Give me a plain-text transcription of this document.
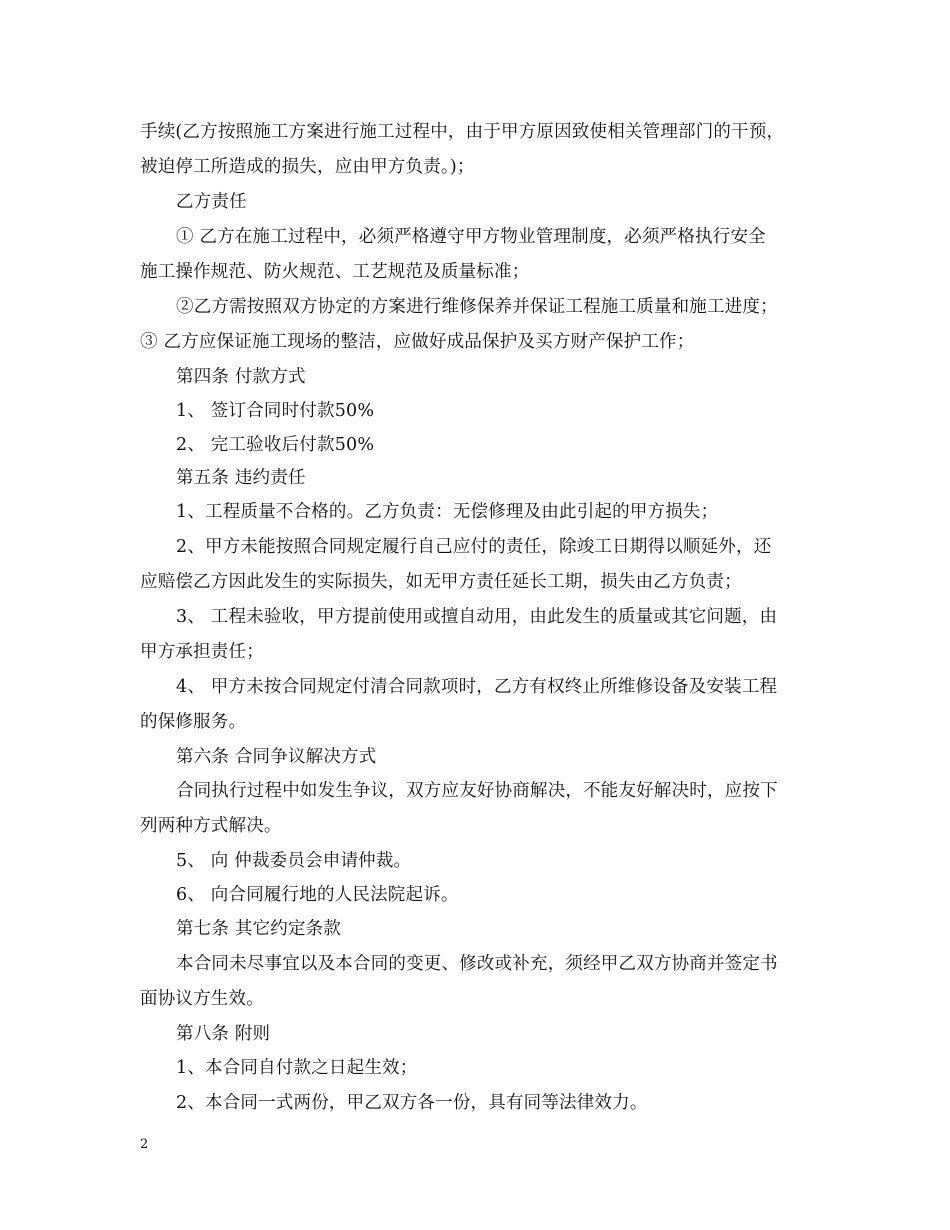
手续(乙方按照施工方案进行施工过程中，由于甲方原因致使相关管理部门的干预，
被迫停工所造成的损失，应由甲方负责。)；
乙方责任
① 乙方在施工过程中，必须严格遵守甲方物业管理制度，必须严格执行安全
施工操作规范、防火规范、工艺规范及质量标准；
②乙方需按照双方协定的方案进行维修保养并保证工程施工质量和施工进度；
③ 乙方应保证施工现场的整洁，应做好成品保护及买方财产保护工作；
第四条 付款方式
1、 签订合同时付款50%
2、 完工验收后付款50%
第五条 违约责任
1、工程质量不合格的。乙方负责：无偿修理及由此引起的甲方损失；
2、甲方未能按照合同规定履行自己应付的责任，除竣工日期得以顺延外，还
应赔偿乙方因此发生的实际损失，如无甲方责任延长工期，损失由乙方负责；
3、 工程未验收，甲方提前使用或擅自动用，由此发生的质量或其它问题，由
甲方承担责任；
4、 甲方未按合同规定付清合同款项时，乙方有权终止所维修设备及安装工程
的保修服务。
第六条 合同争议解决方式
合同执行过程中如发生争议，双方应友好协商解决，不能友好解决时，应按下
列两种方式解决。
5、 向 仲裁委员会申请仲裁。
6、 向合同履行地的人民法院起诉。
第七条 其它约定条款
本合同未尽事宜以及本合同的变更、修改或补充，须经甲乙双方协商并签定书
面协议方生效。
第八条 附则
1、本合同自付款之日起生效；
2、本合同一式两份，甲乙双方各一份，具有同等法律效力。
2
